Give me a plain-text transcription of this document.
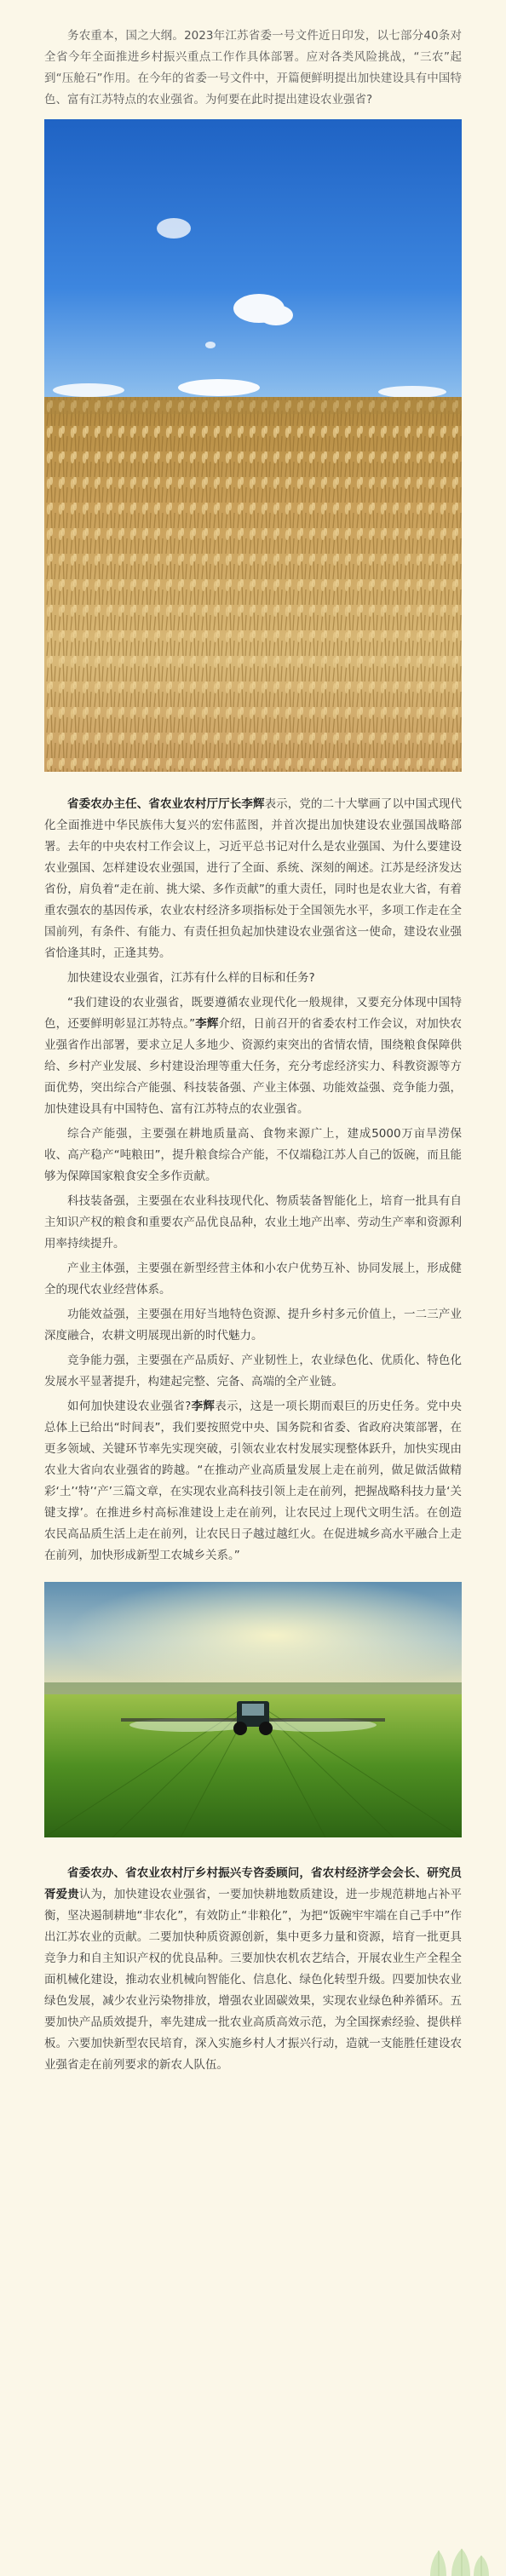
务农重本，国之大纲。2023年江苏省委一号文件近日印发，以七部分40条对全省今年全面推进乡村振兴重点工作作具体部署。应对各类风险挑战，“三农”起到“压舱石”作用。在今年的省委一号文件中，开篇便鲜明提出加快建设具有中国特色、富有江苏特点的农业强省。为何要在此时提出建设农业强省?

省委农办主任、省农业农村厅厅长李辉表示，党的二十大擘画了以中国式现代化全面推进中华民族伟大复兴的宏伟蓝图，并首次提出加快建设农业强国战略部署。去年的中央农村工作会议上，习近平总书记对什么是农业强国、为什么要建设农业强国、怎样建设农业强国，进行了全面、系统、深刻的阐述。江苏是经济发达省份，肩负着“走在前、挑大梁、多作贡献”的重大责任，同时也是农业大省，有着重农强农的基因传承，农业农村经济多项指标处于全国领先水平，多项工作走在全国前列，有条件、有能力、有责任担负起加快建设农业强省这一使命，建设农业强省恰逢其时，正逢其势。

加快建设农业强省，江苏有什么样的目标和任务?

“我们建设的农业强省，既要遵循农业现代化一般规律，又要充分体现中国特色，还要鲜明彰显江苏特点。”李辉介绍，日前召开的省委农村工作会议，对加快农业强省作出部署，要求立足人多地少、资源约束突出的省情农情，围绕粮食保障供给、乡村产业发展、乡村建设治理等重大任务，充分考虑经济实力、科教资源等方面优势，突出综合产能强、科技装备强、产业主体强、功能效益强、竞争能力强，加快建设具有中国特色、富有江苏特点的农业强省。

综合产能强，主要强在耕地质量高、食物来源广上，建成5000万亩旱涝保收、高产稳产“吨粮田”，提升粮食综合产能，不仅端稳江苏人自己的饭碗，而且能够为保障国家粮食安全多作贡献。

科技装备强，主要强在农业科技现代化、物质装备智能化上，培育一批具有自主知识产权的粮食和重要农产品优良品种，农业土地产出率、劳动生产率和资源利用率持续提升。

产业主体强，主要强在新型经营主体和小农户优势互补、协同发展上，形成健全的现代农业经营体系。

功能效益强，主要强在用好当地特色资源、提升乡村多元价值上，一二三产业深度融合，农耕文明展现出新的时代魅力。

竞争能力强，主要强在产品质好、产业韧性上，农业绿色化、优质化、特色化发展水平显著提升，构建起完整、完备、高端的全产业链。

如何加快建设农业强省?李辉表示，这是一项长期而艰巨的历史任务。党中央总体上已给出“时间表”，我们要按照党中央、国务院和省委、省政府决策部署，在更多领域、关键环节率先实现突破，引领农业农村发展实现整体跃升，加快实现由农业大省向农业强省的跨越。“在推动产业高质量发展上走在前列，做足做活做精彩‘土’‘特’‘产’三篇文章，在实现农业高科技引领上走在前列，把握战略科技力量‘关键支撑’。在推进乡村高标准建设上走在前列，让农民过上现代文明生活。在创造农民高品质生活上走在前列，让农民日子越过越红火。在促进城乡高水平融合上走在前列，加快形成新型工农城乡关系。”

省委农办、省农业农村厅乡村振兴专咨委顾问，省农村经济学会会长、研究员胥爱贵认为，加快建设农业强省，一要加快耕地数质建设，进一步规范耕地占补平衡，坚决遏制耕地“非农化”，有效防止“非粮化”，为把“饭碗牢牢端在自己手中”作出江苏农业的贡献。二要加快种质资源创新，集中更多力量和资源，培育一批更具竞争力和自主知识产权的优良品种。三要加快农机农艺结合，开展农业生产全程全面机械化建设，推动农业机械向智能化、信息化、绿色化转型升级。四要加快农业绿色发展，减少农业污染物排放，增强农业固碳效果，实现农业绿色种养循环。五要加快产品质效提升，率先建成一批农业高质高效示范，为全国探索经验、提供样板。六要加快新型农民培育，深入实施乡村人才振兴行动，造就一支能胜任建设农业强省走在前列要求的新农人队伍。
